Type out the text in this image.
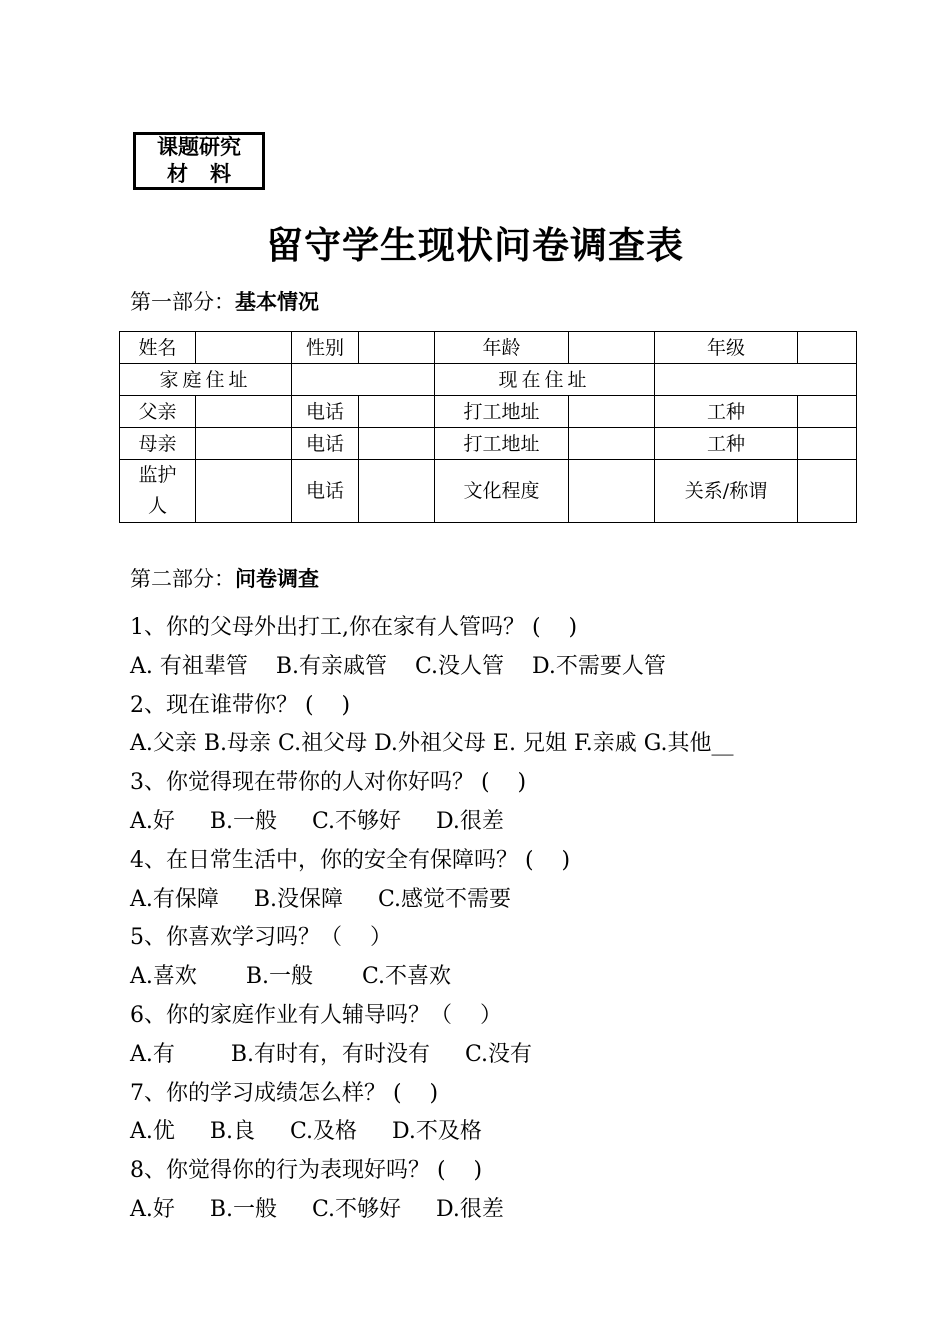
课题研究
材料
留守学生现状问卷调查表
第一部分：基本情况
姓名		性别		年龄		年级	
家庭住址				现在住址			
父亲		电话		打工地址		工种	
母亲		电话		打工地址		工种	
监护人		电话		文化程度		关系/称谓	
第二部分：问卷调查
1、你的父母外出打工,你在家有人管吗？ (    )
A. 有祖辈管    B.有亲戚管    C.没人管    D.不需要人管
2、现在谁带你？ (    )
A.父亲 B.母亲 C.祖父母 D.外祖父母 E. 兄姐 F.亲戚 G.其他__
3、你觉得现在带你的人对你好吗？ (    )
A.好     B.一般     C.不够好     D.很差
4、在日常生活中，你的安全有保障吗？ (    )
A.有保障     B.没保障     C.感觉不需要
5、你喜欢学习吗？（    ）
A.喜欢       B.一般       C.不喜欢
6、你的家庭作业有人辅导吗？（    ）
A.有        B.有时有，有时没有     C.没有
7、你的学习成绩怎么样？ (    )
A.优     B.良     C.及格     D.不及格
8、你觉得你的行为表现好吗？ (    )
A.好     B.一般     C.不够好     D.很差
